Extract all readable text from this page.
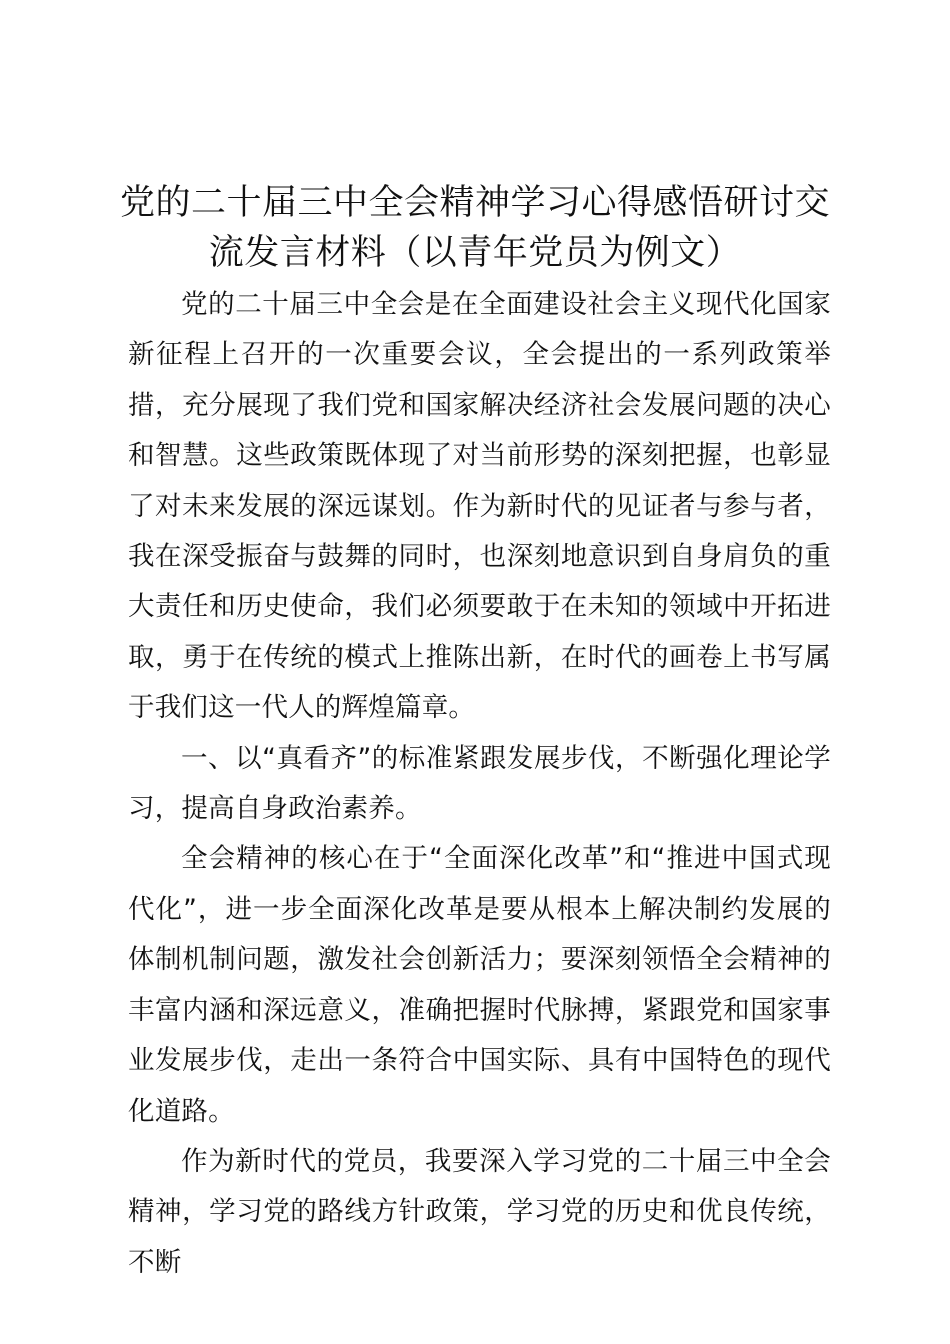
党的二十届三中全会精神学习心得感悟研讨交流发言材料（以青年党员为例文）

党的二十届三中全会是在全面建设社会主义现代化国家新征程上召开的一次重要会议，全会提出的一系列政策举措，充分展现了我们党和国家解决经济社会发展问题的决心和智慧。这些政策既体现了对当前形势的深刻把握，也彰显了对未来发展的深远谋划。作为新时代的见证者与参与者，我在深受振奋与鼓舞的同时，也深刻地意识到自身肩负的重大责任和历史使命，我们必须要敢于在未知的领域中开拓进取，勇于在传统的模式上推陈出新，在时代的画卷上书写属于我们这一代人的辉煌篇章。

一、以“真看齐”的标准紧跟发展步伐，不断强化理论学习，提高自身政治素养。

全会精神的核心在于“全面深化改革”和“推进中国式现代化”，进一步全面深化改革是要从根本上解决制约发展的体制机制问题，激发社会创新活力；要深刻领悟全会精神的丰富内涵和深远意义，准确把握时代脉搏，紧跟党和国家事业发展步伐，走出一条符合中国实际、具有中国特色的现代化道路。

作为新时代的党员，我要深入学习党的二十届三中全会精神，学习党的路线方针政策，学习党的历史和优良传统，不断
